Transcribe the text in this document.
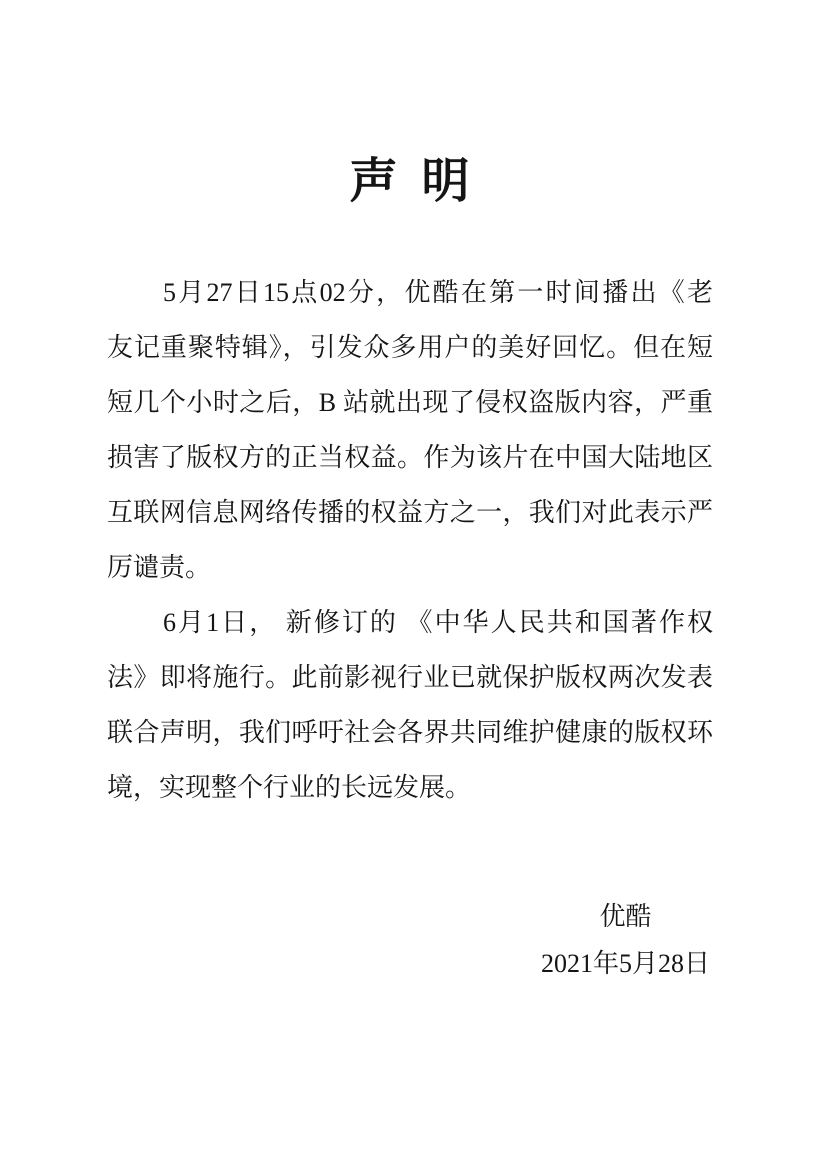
声 明
5月27日15点02分，优酷在第一时间播出《老
友记重聚特辑》，引发众多用户的美好回忆。但在短
短几个小时之后，B 站就出现了侵权盗版内容，严重
损害了版权方的正当权益。作为该片在中国大陆地区
互联网信息网络传播的权益方之一，我们对此表示严
厉谴责。
6月1日， 新修订的 《中华人民共和国著作权
法》即将施行。此前影视行业已就保护版权两次发表
联合声明，我们呼吁社会各界共同维护健康的版权环
境，实现整个行业的长远发展。
优酷
2021年5月28日
